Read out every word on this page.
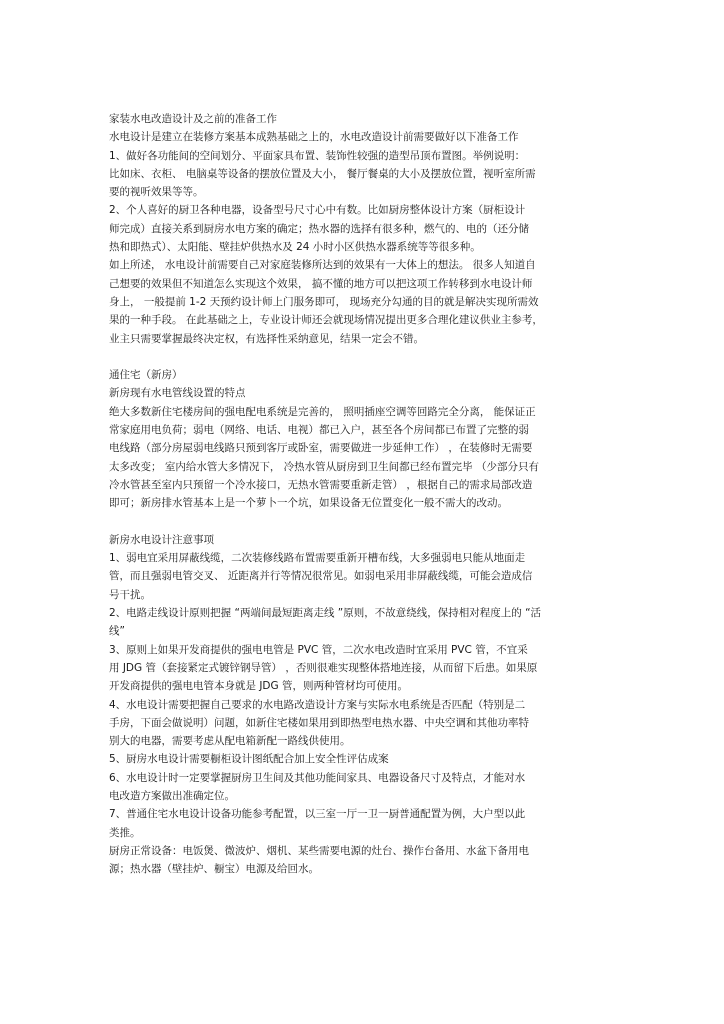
家装水电改造设计及之前的准备工作
水电设计是建立在装修方案基本成熟基础之上的，水电改造设计前需要做好以下准备工作
1、做好各功能间的空间划分、平面家具布置、装饰性较强的造型吊顶布置图。举例说明：
比如床、衣柜、 电脑桌等设备的摆放位置及大小， 餐厅餐桌的大小及摆放位置，视听室所需
要的视听效果等等。
2、个人喜好的厨卫各种电器，设备型号尺寸心中有数。比如厨房整体设计方案（厨柜设计
师完成）直接关系到厨房水电方案的确定；热水器的选择有很多种，燃气的、电的（还分储
热和即热式）、太阳能、壁挂炉供热水及 24 小时小区供热水器系统等等很多种。
如上所述， 水电设计前需要自己对家庭装修所达到的效果有一大体上的想法。 很多人知道自
己想要的效果但不知道怎么实现这个效果， 搞不懂的地方可以把这项工作转移到水电设计师
身上， 一般提前 1-2 天预约设计师上门服务即可， 现场充分勾通的目的就是解决实现所需效
果的一种手段。 在此基础之上，专业设计师还会就现场情况提出更多合理化建议供业主参考，
业主只需要掌握最终决定权，有选择性采纳意见，结果一定会不错。
通住宅（新房）
新房现有水电管线设置的特点
绝大多数新住宅楼房间的强电配电系统是完善的， 照明插座空调等回路完全分离， 能保证正
常家庭用电负荷；弱电（网络、电话、电视）都已入户，甚至各个房间都已布置了完整的弱
电线路（部分房屋弱电线路只预到客厅或卧室，需要做进一步延伸工作） ，在装修时无需要
太多改变； 室内给水管大多情况下， 冷热水管从厨房到卫生间都已经布置完毕 （少部分只有
冷水管甚至室内只预留一个冷水接口，无热水管需要重新走管） ，根据自己的需求局部改造
即可；新房排水管基本上是一个萝卜一个坑，如果设备无位置变化一般不需大的改动。
新房水电设计注意事项
1、弱电宜采用屏蔽线缆，二次装修线路布置需要重新开槽布线，大多强弱电只能从地面走
管，而且强弱电管交叉、 近距离并行等情况很常见。如弱电采用非屏蔽线缆，可能会造成信
号干扰。
2、电路走线设计原则把握 “两端间最短距离走线 ”原则，不故意绕线，保持相对程度上的 “活
线”
3、原则上如果开发商提供的强电电管是 PVC 管，二次水电改造时宜采用 PVC 管，不宜采
用 JDG 管（套接紧定式镀锌钢导管） ，否则很难实现整体搭地连接，从而留下后患。如果原
开发商提供的强电电管本身就是 JDG 管，则两种管材均可使用。
4、水电设计需要把握自己要求的水电路改造设计方案与实际水电系统是否匹配（特别是二
手房，下面会做说明）问题，如新住宅楼如果用到即热型电热水器、中央空调和其他功率特
别大的电器，需要考虑从配电箱新配一路线供使用。
5、厨房水电设计需要橱柜设计图纸配合加上安全性评估成案
6、水电设计时一定要掌握厨房卫生间及其他功能间家具、电器设备尺寸及特点，才能对水
电改造方案做出准确定位。
7、普通住宅水电设计设备功能参考配置，以三室一厅一卫一厨普通配置为例，大户型以此
类推。
厨房正常设备：电饭煲、微波炉、烟机、某些需要电源的灶台、操作台备用、水盆下备用电
源；热水器（壁挂炉、橱宝）电源及给回水。
